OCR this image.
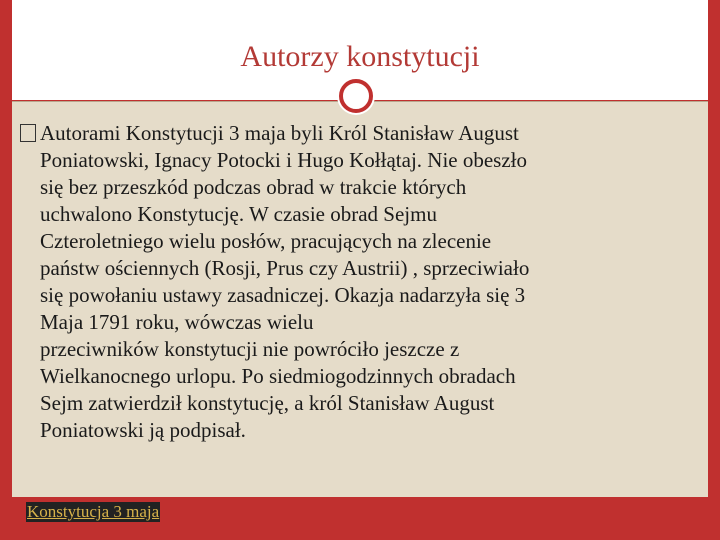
Autorzy konstytucji
Autorami Konstytucji 3 maja byli Król Stanisław August
Poniatowski, Ignacy Potocki i Hugo Kołłątaj. Nie obeszło
się bez przeszkód podczas obrad w trakcie których
uchwalono Konstytucję. W czasie obrad Sejmu
Czteroletniego wielu posłów, pracujących na zlecenie
państw ościennych (Rosji, Prus czy Austrii) , sprzeciwiało
się powołaniu ustawy zasadniczej. Okazja nadarzyła się 3
Maja 1791 roku, wówczas wielu
przeciwników konstytucji nie powróciło jeszcze z
Wielkanocnego urlopu. Po siedmiogodzinnych obradach
Sejm zatwierdził konstytucję, a król Stanisław August
Poniatowski ją podpisał.
Konstytucja 3 maja
